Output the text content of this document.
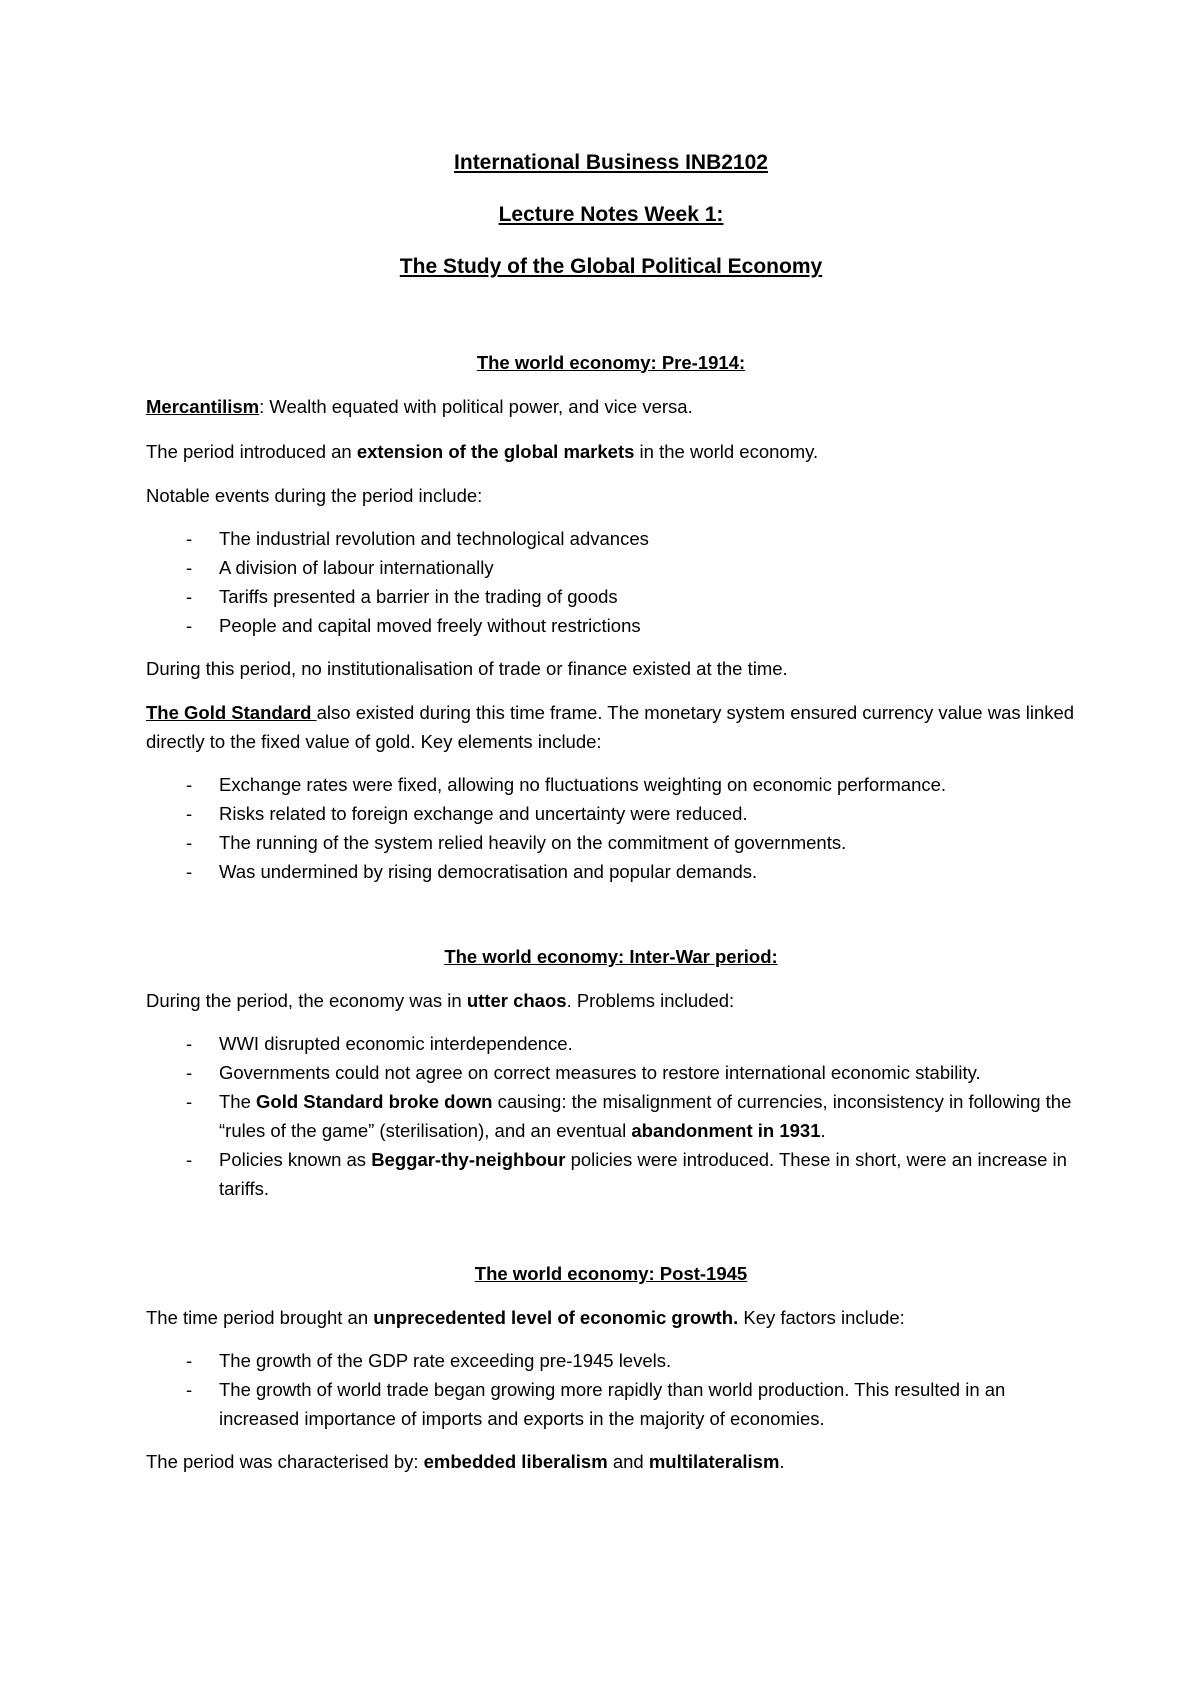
International Business INB2102

Lecture Notes Week 1:

The Study of the Global Political Economy

The world economy: Pre-1914:

Mercantilism: Wealth equated with political power, and vice versa.

The period introduced an extension of the global markets in the world economy.

Notable events during the period include:

- The industrial revolution and technological advances
- A division of labour internationally
- Tariffs presented a barrier in the trading of goods
- People and capital moved freely without restrictions

During this period, no institutionalisation of trade or finance existed at the time.

The Gold Standard also existed during this time frame. The monetary system ensured currency value was linked directly to the fixed value of gold. Key elements include:

- Exchange rates were fixed, allowing no fluctuations weighting on economic performance.
- Risks related to foreign exchange and uncertainty were reduced.
- The running of the system relied heavily on the commitment of governments.
- Was undermined by rising democratisation and popular demands.

The world economy: Inter-War period:

During the period, the economy was in utter chaos. Problems included:

- WWI disrupted economic interdependence.
- Governments could not agree on correct measures to restore international economic stability.
- The Gold Standard broke down causing: the misalignment of currencies, inconsistency in following the “rules of the game” (sterilisation), and an eventual abandonment in 1931.
- Policies known as Beggar-thy-neighbour policies were introduced. These in short, were an increase in tariffs.

The world economy: Post-1945

The time period brought an unprecedented level of economic growth. Key factors include:

- The growth of the GDP rate exceeding pre-1945 levels.
- The growth of world trade began growing more rapidly than world production. This resulted in an increased importance of imports and exports in the majority of economies.

The period was characterised by: embedded liberalism and multilateralism.
